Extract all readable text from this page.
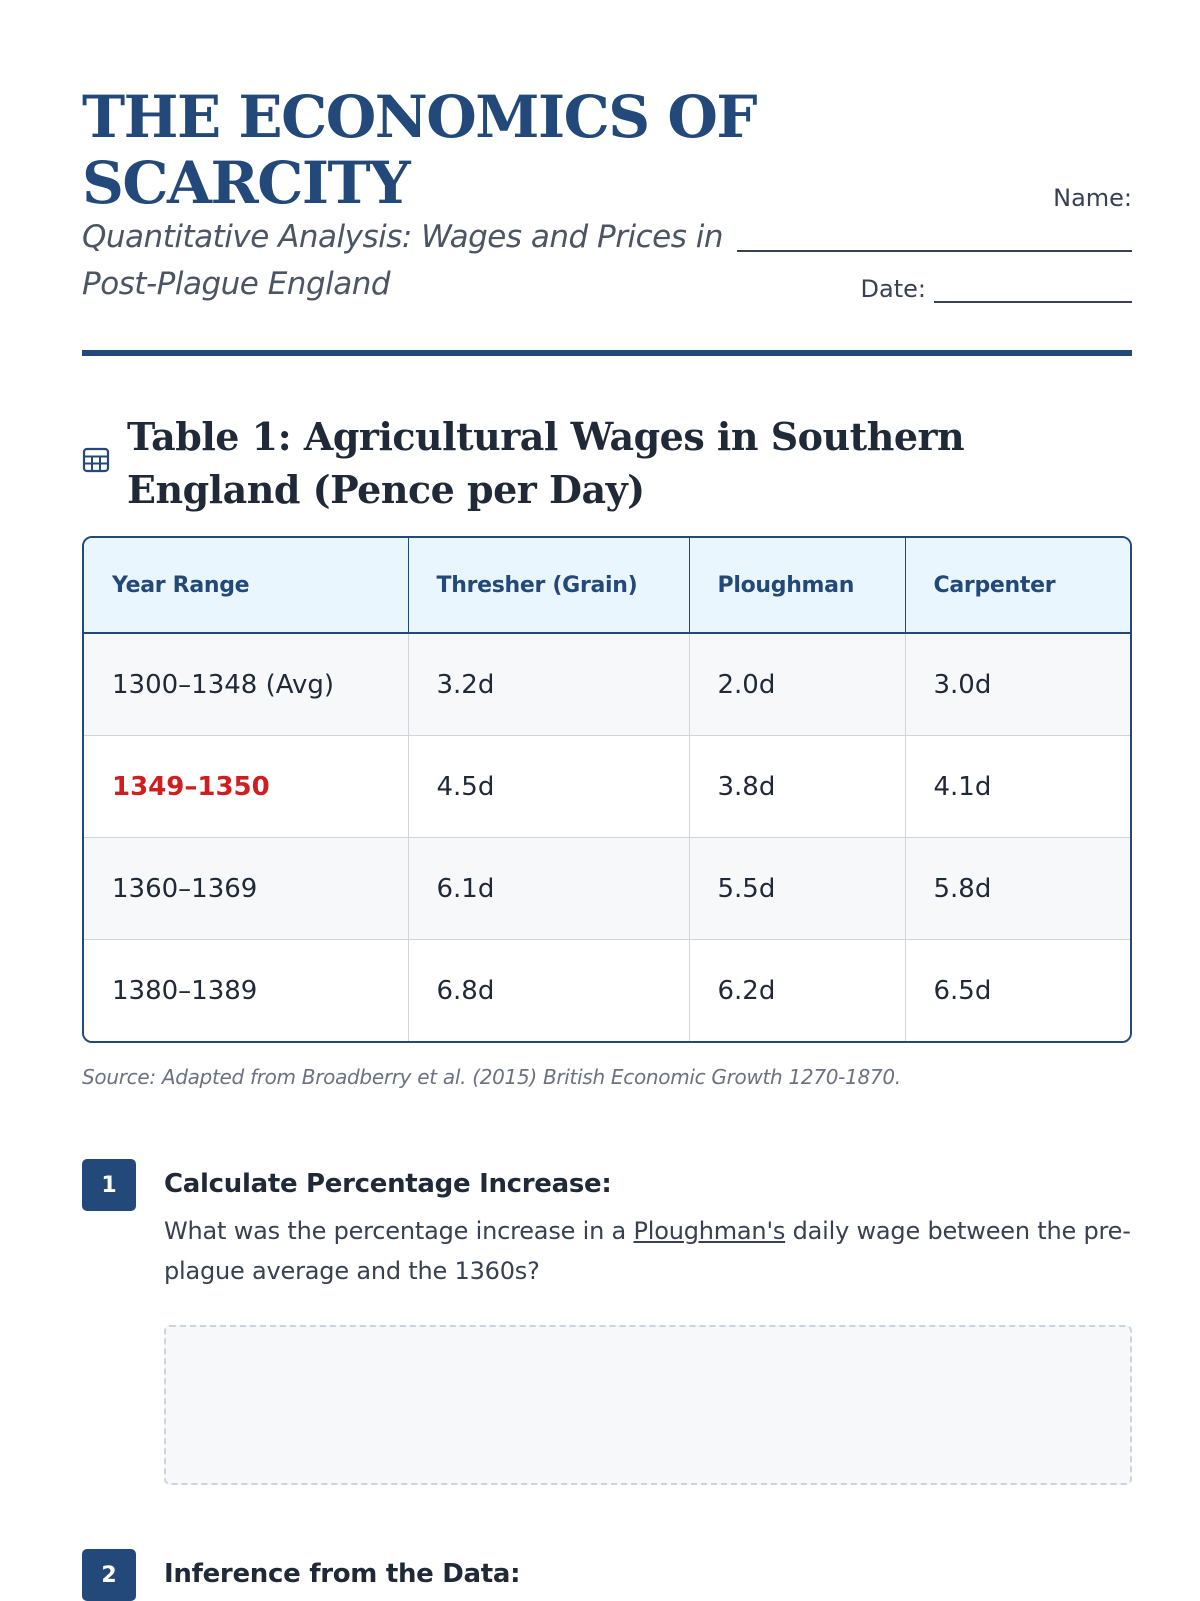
THE ECONOMICS OF SCARCITY
Quantitative Analysis: Wages and Prices in Post-Plague England
Name:
Date:
Table 1: Agricultural Wages in Southern England (Pence per Day)
Year Range	Thresher (Grain)	Ploughman	Carpenter
1300–1348 (Avg)	3.2d	2.0d	3.0d
1349–1350	4.5d	3.8d	4.1d
1360–1369	6.1d	5.5d	5.8d
1380–1389	6.8d	6.2d	6.5d
Source: Adapted from Broadberry et al. (2015) British Economic Growth 1270-1870.
1	Calculate Percentage Increase:
What was the percentage increase in a Ploughman's daily wage between the pre-plague average and the 1360s?
2	Inference from the Data:
